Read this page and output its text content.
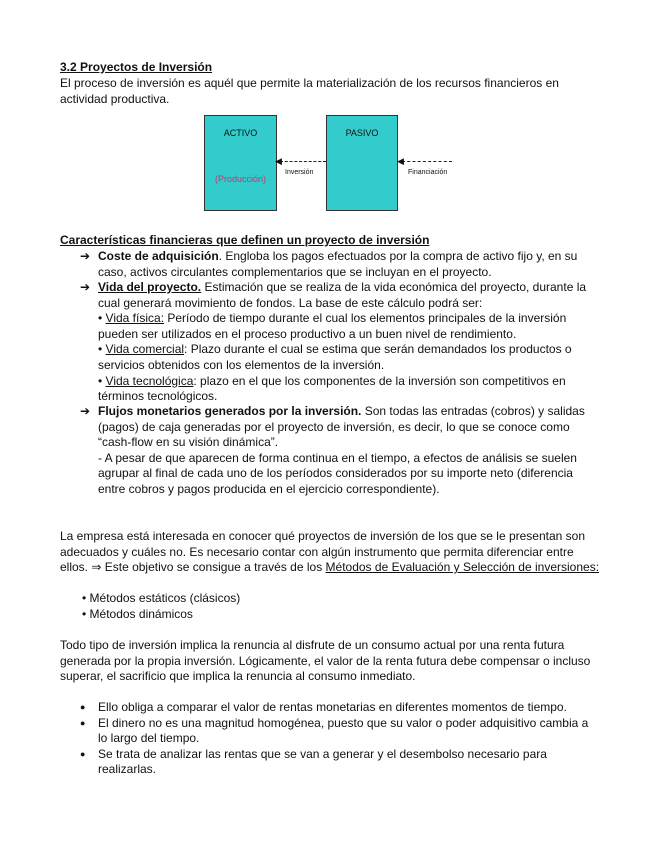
3.2 Proyectos de Inversión
El proceso de inversión es aquél que permite la materialización de los recursos financieros en actividad productiva.
ACTIVO
(Producción)
PASIVO
◀
Inversión
◀
Financiación
Características financieras que definen un proyecto de inversión
➔ Coste de adquisición. Engloba los pagos efectuados por la compra de activo fijo y, en su caso, activos circulantes complementarios que se incluyan en el proyecto.
➔ Vida del proyecto. Estimación que se realiza de la vida económica del proyecto, durante la cual generará movimiento de fondos. La base de este cálculo podrá ser:
• Vida física: Período de tiempo durante el cual los elementos principales de la inversión pueden ser utilizados en el proceso productivo a un buen nivel de rendimiento.
• Vida comercial: Plazo durante el cual se estima que serán demandados los productos o servicios obtenidos con los elementos de la inversión.
• Vida tecnológica: plazo en el que los componentes de la inversión son competitivos en términos tecnológicos.
➔ Flujos monetarios generados por la inversión. Son todas las entradas (cobros) y salidas (pagos) de caja generadas por el proyecto de inversión, es decir, lo que se conoce como “cash-flow en su visión dinámica”.
- A pesar de que aparecen de forma continua en el tiempo, a efectos de análisis se suelen agrupar al final de cada uno de los períodos considerados por su importe neto (diferencia entre cobros y pagos producida en el ejercicio correspondiente).
La empresa está interesada en conocer qué proyectos de inversión de los que se le presentan son adecuados y cuáles no. Es necesario contar con algún instrumento que permita diferenciar entre ellos. ⇒ Este objetivo se consigue a través de los Métodos de Evaluación y Selección de inversiones:
• Métodos estáticos (clásicos)
• Métodos dinámicos
Todo tipo de inversión implica la renuncia al disfrute de un consumo actual por una renta futura generada por la propia inversión. Lógicamente, el valor de la renta futura debe compensar o incluso superar, el sacrificio que implica la renuncia al consumo inmediato.
● Ello obliga a comparar el valor de rentas monetarias en diferentes momentos de tiempo.
● El dinero no es una magnitud homogénea, puesto que su valor o poder adquisitivo cambia a lo largo del tiempo.
● Se trata de analizar las rentas que se van a generar y el desembolso necesario para realizarlas.
